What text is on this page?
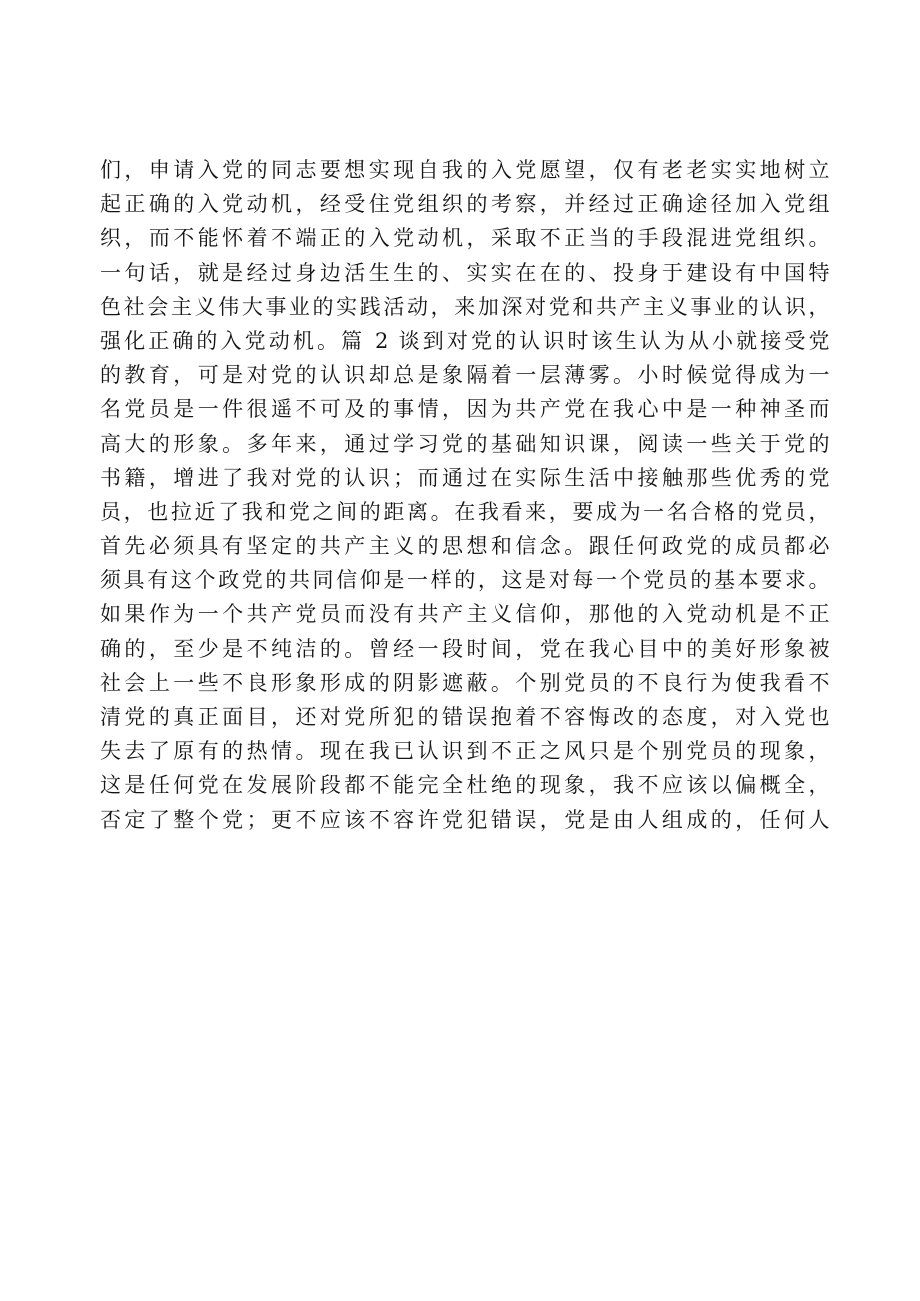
们，申请入党的同志要想实现自我的入党愿望，仅有老老实实地树立
起正确的入党动机，经受住党组织的考察，并经过正确途径加入党组
织，而不能怀着不端正的入党动机，采取不正当的手段混进党组织。
一句话，就是经过身边活生生的、实实在在的、投身于建设有中国特
色社会主义伟大事业的实践活动，来加深对党和共产主义事业的认识，
强化正确的入党动机。篇 2 谈到对党的认识时该生认为从小就接受党
的教育，可是对党的认识却总是象隔着一层薄雾。小时候觉得成为一
名党员是一件很遥不可及的事情，因为共产党在我心中是一种神圣而
高大的形象。多年来，通过学习党的基础知识课，阅读一些关于党的
书籍，增进了我对党的认识；而通过在实际生活中接触那些优秀的党
员，也拉近了我和党之间的距离。在我看来，要成为一名合格的党员，
首先必须具有坚定的共产主义的思想和信念。跟任何政党的成员都必
须具有这个政党的共同信仰是一样的，这是对每一个党员的基本要求。
如果作为一个共产党员而没有共产主义信仰，那他的入党动机是不正
确的，至少是不纯洁的。曾经一段时间，党在我心目中的美好形象被
社会上一些不良形象形成的阴影遮蔽。个别党员的不良行为使我看不
清党的真正面目，还对党所犯的错误抱着不容悔改的态度，对入党也
失去了原有的热情。现在我已认识到不正之风只是个别党员的现象，
这是任何党在发展阶段都不能完全杜绝的现象，我不应该以偏概全，
否定了整个党；更不应该不容许党犯错误，党是由人组成的，任何人
